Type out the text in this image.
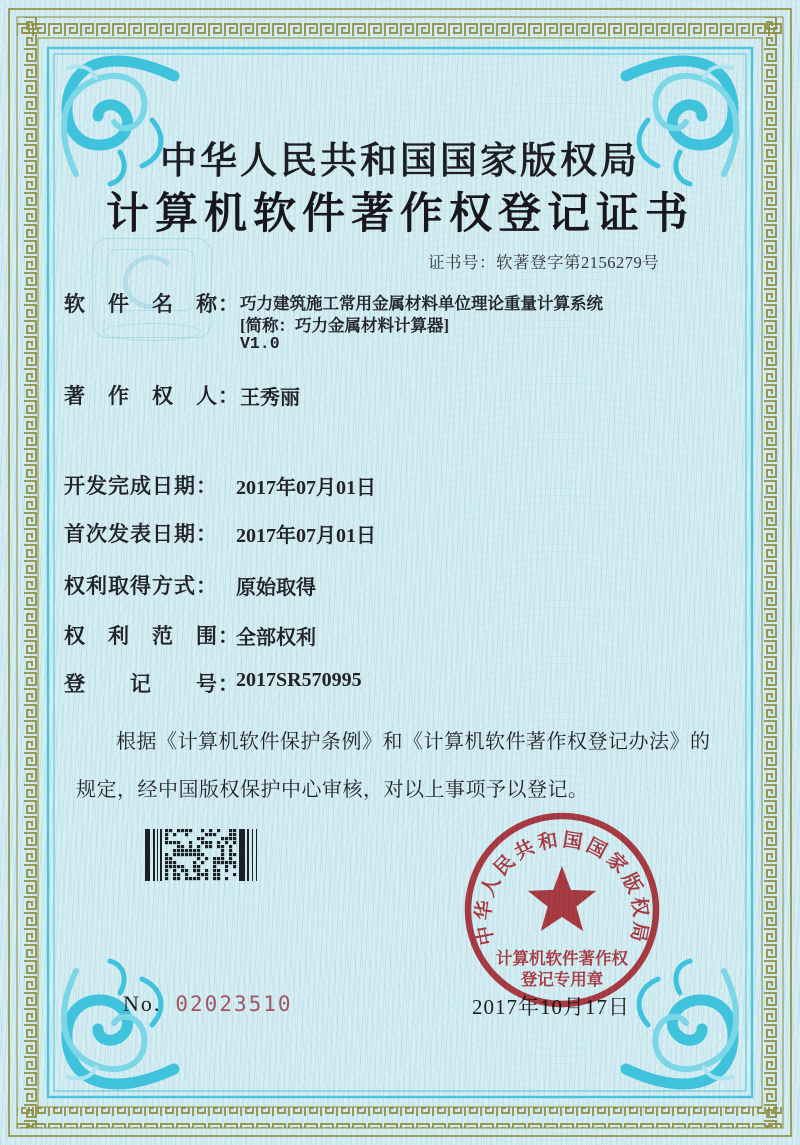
中华人民共和国国家版权局
计算机软件著作权登记证书
证书号：软著登字第2156279号
软　件　名　称： 巧力建筑施工常用金属材料单位理论重量计算系统
[简称：巧力金属材料计算器]
V1.0
著　作　权　人： 王秀丽
开发完成日期： 2017年07月01日
首次发表日期： 2017年07月01日
权利取得方式： 原始取得
权　利　范　围：
全部权利
登　　记　　号：
2017SR570995
根据《计算机软件保护条例》和《计算机软件著作权登记办法》的
规定，经中国版权保护中心审核，对以上事项予以登记。
2017年10月17日
No. 02023510
中华人民共和国国家版权局
计算机软件著作权
登记专用章
